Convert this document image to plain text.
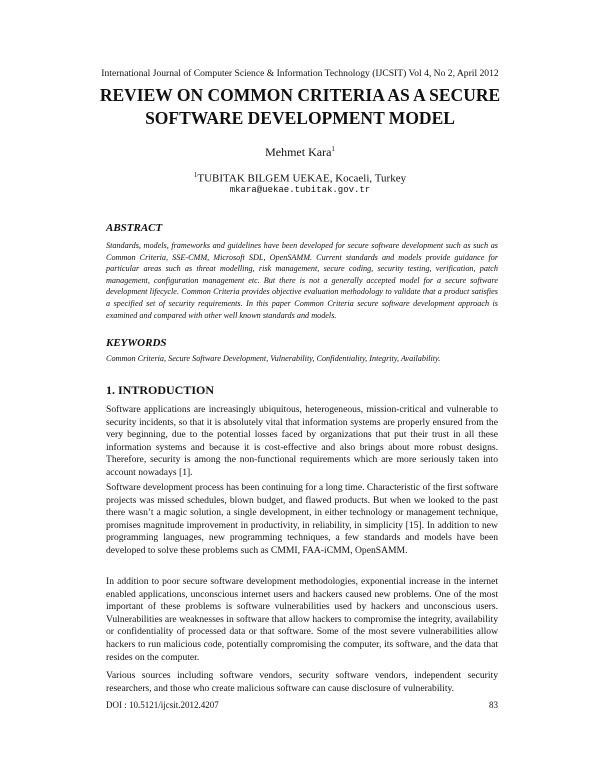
International Journal of Computer Science & Information Technology (IJCSIT) Vol 4, No 2, April 2012
REVIEW ON COMMON CRITERIA AS A SECURE
SOFTWARE DEVELOPMENT MODEL
Mehmet Kara$^1$
$^1$TUBITAK BILGEM UEKAE, Kocaeli, Turkey
mkara@uekae.tubitak.gov.tr
ABSTRACT

Standards, models, frameworks and guidelines have been developed for secure software development such as such as Common Criteria, SSE-CMM, Microsoft SDL, OpenSAMM. Current standards and models provide guidance for particular areas such as threat modelling, risk management, secure coding, security testing, verification, patch management, configuration management etc. But there is not a generally accepted model for a secure software development lifecycle. Common Criteria provides objective evaluation methodology to validate that a product satisfies a specified set of security requirements. In this paper Common Criteria secure software development approach is examined and compared with other well known standards and models.

KEYWORDS

Common Criteria, Secure Software Development, Vulnerability, Confidentiality, Integrity, Availability.

1. INTRODUCTION

Software applications are increasingly ubiquitous, heterogeneous, mission-critical and vulnerable to security incidents, so that it is absolutely vital that information systems are properly ensured from the very beginning, due to the potential losses faced by organizations that put their trust in all these information systems and because it is cost-effective and also brings about more robust designs. Therefore, security is among the non-functional requirements which are more seriously taken into account nowadays [1].

Software development process has been continuing for a long time. Characteristic of the first software projects was missed schedules, blown budget, and flawed products. But when we looked to the past there wasn’t a magic solution, a single development, in either technology or management technique, promises magnitude improvement in productivity, in reliability, in simplicity [15]. In addition to new programming languages, new programming techniques, a few standards and models have been developed to solve these problems such as CMMI, FAA-iCMM, OpenSAMM.

In addition to poor secure software development methodologies, exponential increase in the internet enabled applications, unconscious internet users and hackers caused new problems. One of the most important of these problems is software vulnerabilities used by hackers and unconscious users. Vulnerabilities are weaknesses in software that allow hackers to compromise the integrity, availability or confidentiality of processed data or that software. Some of the most severe vulnerabilities allow hackers to run malicious code, potentially compromising the computer, its software, and the data that resides on the computer.

Various sources including software vendors, security software vendors, independent security researchers, and those who create malicious software can cause disclosure of vulnerability.

DOI : 10.5121/ijcsit.2012.4207	83
